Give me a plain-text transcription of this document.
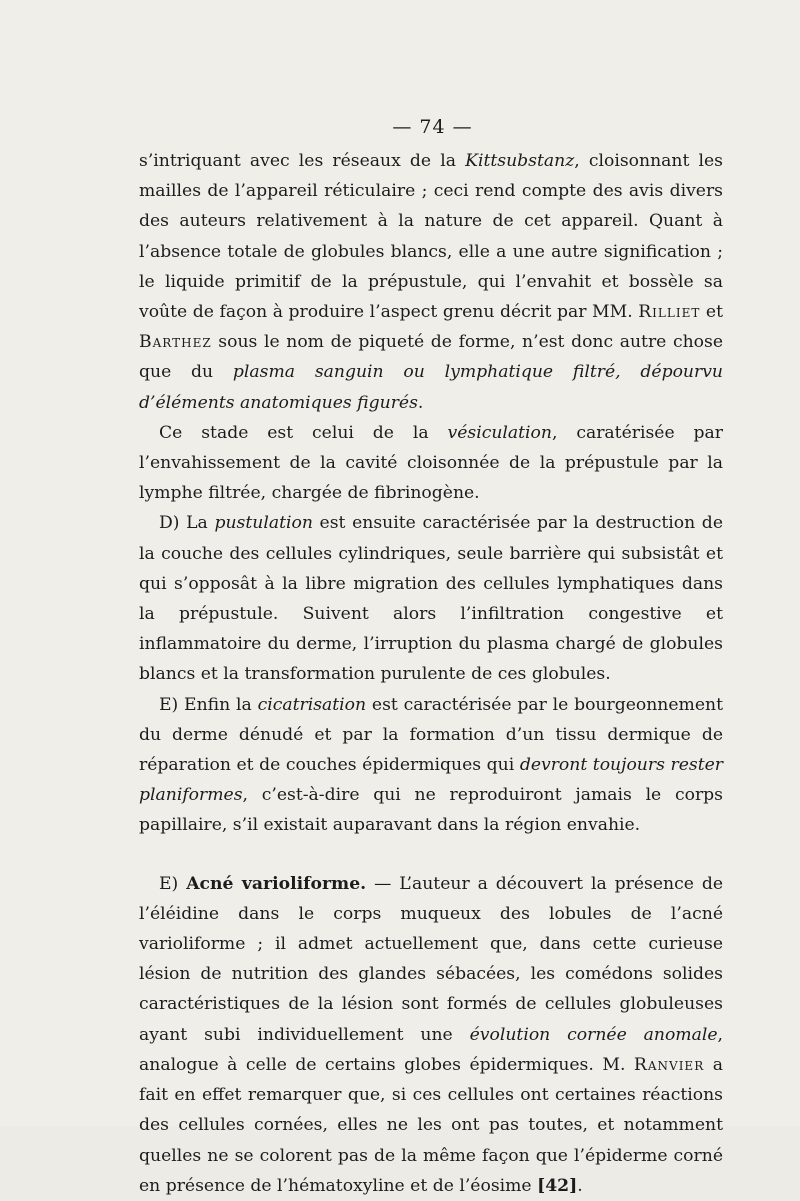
— 74 —

s’intriquant avec les réseaux de la Kittsubstanz, cloisonnant les mailles de l’appareil réticulaire ; ceci rend compte des avis divers des auteurs relativement à la nature de cet appareil. Quant à l’absence totale de globules blancs, elle a une autre signification ; le liquide primitif de la prépustule, qui l’envahit et bossèle sa voûte de façon à produire l’aspect grenu décrit par MM. Rilliet et Barthez sous le nom de piqueté de forme, n’est donc autre chose que du plasma sanguin ou lymphatique filtré, dépourvu d’éléments anatomiques figurés.

Ce stade est celui de la vésiculation, caratérisée par l’envahissement de la cavité cloisonnée de la prépustule par la lymphe filtrée, chargée de fibrinogène.

D) La pustulation est ensuite caractérisée par la destruction de la couche des cellules cylindriques, seule barrière qui subsistât et qui s’opposât à la libre migration des cellules lymphatiques dans la prépustule. Suivent alors l’infiltration congestive et inflammatoire du derme, l’irruption du plasma chargé de globules blancs et la transformation purulente de ces globules.

E) Enfin la cicatrisation est caractérisée par le bourgeonnement du derme dénudé et par la formation d’un tissu dermique de réparation et de couches épidermiques qui devront toujours rester planiformes, c’est-à-dire qui ne reproduiront jamais le corps papillaire, s’il existait auparavant dans la région envahie.

E) Acné varioliforme. — L’auteur a découvert la présence de l’éléidine dans le corps muqueux des lobules de l’acné varioliforme ; il admet actuellement que, dans cette curieuse lésion de nutrition des glandes sébacées, les comédons solides caractéristiques de la lésion sont formés de cellules globuleuses ayant subi individuellement une évolution cornée anomale, analogue à celle de certains globes épidermiques. M. Ranvier a fait en effet remarquer que, si ces cellules ont certaines réactions des cellules cornées, elles ne les ont pas toutes, et notamment quelles ne se colorent pas de la même façon que l’épiderme corné en présence de l’hématoxyline et de l’éosime [42].
